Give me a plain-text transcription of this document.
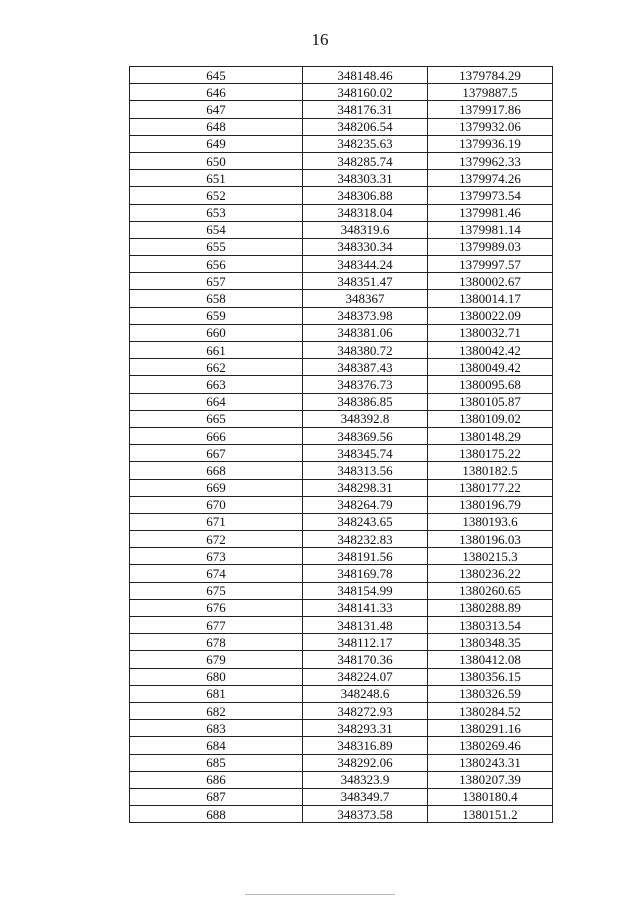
16
645	348148.46	1379784.29
646	348160.02	1379887.5
647	348176.31	1379917.86
648	348206.54	1379932.06
649	348235.63	1379936.19
650	348285.74	1379962.33
651	348303.31	1379974.26
652	348306.88	1379973.54
653	348318.04	1379981.46
654	348319.6	1379981.14
655	348330.34	1379989.03
656	348344.24	1379997.57
657	348351.47	1380002.67
658	348367	1380014.17
659	348373.98	1380022.09
660	348381.06	1380032.71
661	348380.72	1380042.42
662	348387.43	1380049.42
663	348376.73	1380095.68
664	348386.85	1380105.87
665	348392.8	1380109.02
666	348369.56	1380148.29
667	348345.74	1380175.22
668	348313.56	1380182.5
669	348298.31	1380177.22
670	348264.79	1380196.79
671	348243.65	1380193.6
672	348232.83	1380196.03
673	348191.56	1380215.3
674	348169.78	1380236.22
675	348154.99	1380260.65
676	348141.33	1380288.89
677	348131.48	1380313.54
678	348112.17	1380348.35
679	348170.36	1380412.08
680	348224.07	1380356.15
681	348248.6	1380326.59
682	348272.93	1380284.52
683	348293.31	1380291.16
684	348316.89	1380269.46
685	348292.06	1380243.31
686	348323.9	1380207.39
687	348349.7	1380180.4
688	348373.58	1380151.2
